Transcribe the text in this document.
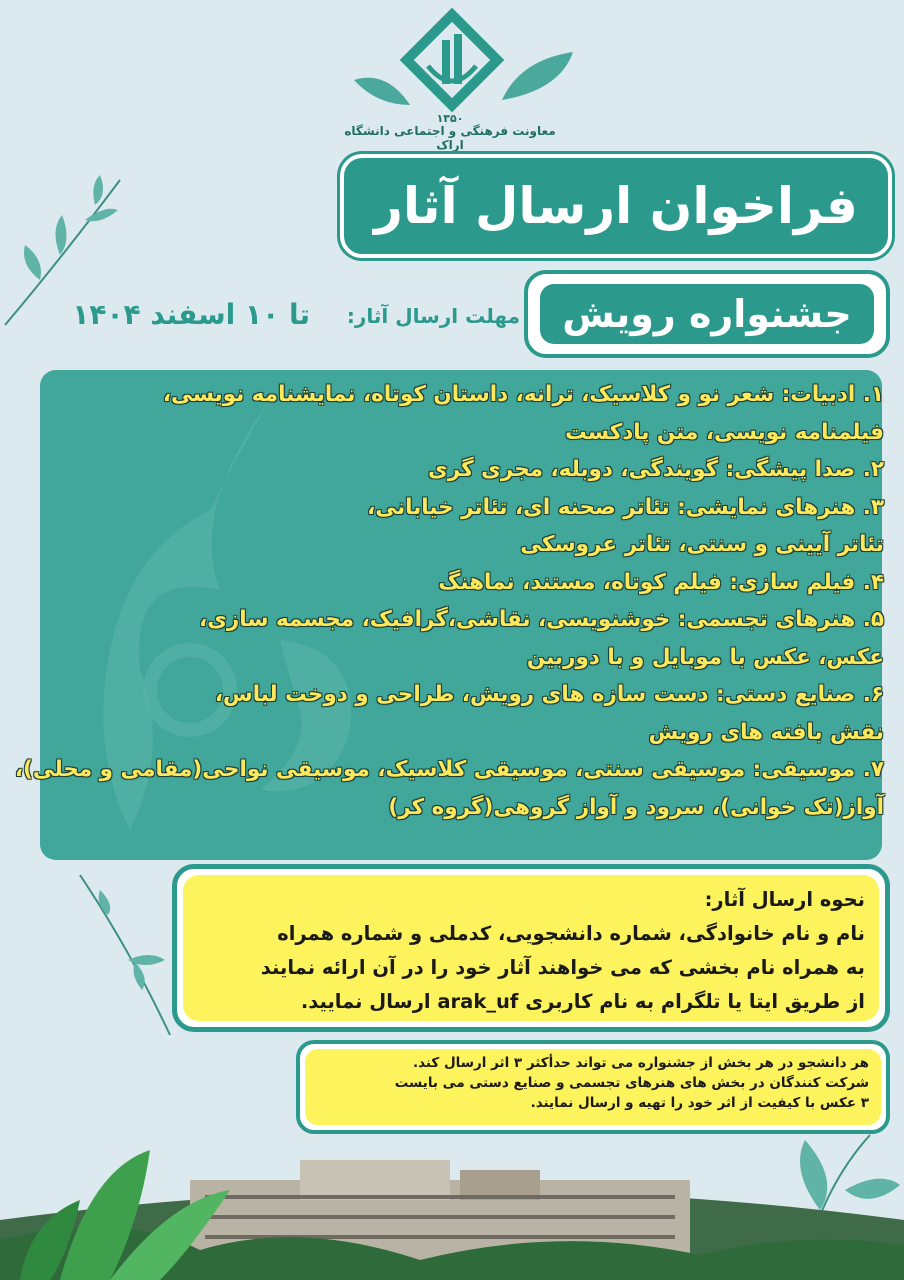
۱۳۵۰
معاونت فرهنگی و اجتماعی دانشگاه اراک
فراخوان ارسال آثار
جشنواره رویش
مهلت ارسال آثار:
تا ۱۰ اسفند ۱۴۰۴
۱. ادبیات: شعر نو و کلاسیک، ترانه، داستان کوتاه، نمایشنامه نویسی،
فیلمنامه نویسی، متن پادکست
۲. صدا پیشگی: گویندگی، دوبله، مجری گری
۳. هنرهای نمایشی: تئاتر صحنه ای، تئاتر خیابانی،
تئاتر آیینی و سنتی، تئاتر عروسکی
۴. فیلم سازی: فیلم کوتاه، مستند، نماهنگ
۵. هنرهای تجسمی: خوشنویسی، نقاشی،گرافیک، مجسمه سازی،
عکس، عکس با موبایل و با دوربین
۶. صنایع دستی: دست سازه های رویش، طراحی و دوخت لباس،
نقش بافته های رویش
۷. موسیقی: موسیقی سنتی، موسیقی کلاسیک، موسیقی نواحی(مقامی و محلی)،
آواز(تک خوانی)، سرود و آواز گروهی(گروه کر)
نحوه ارسال آثار:
نام و نام خانوادگی، شماره دانشجویی، کدملی و شماره همراه
به همراه نام بخشی که می خواهند آثار خود را در آن ارائه نمایند
از طریق ایتا یا تلگرام به نام کاربری arak_uf ارسال نمایید.
هر دانشجو در هر بخش از جشنواره می تواند حدأکثر ۳ اثر ارسال کند.
شرکت کنندگان در بخش های هنرهای تجسمی و صنایع دستی می بایست
۳ عکس با کیفیت از اثر خود را تهیه و ارسال نمایند.
